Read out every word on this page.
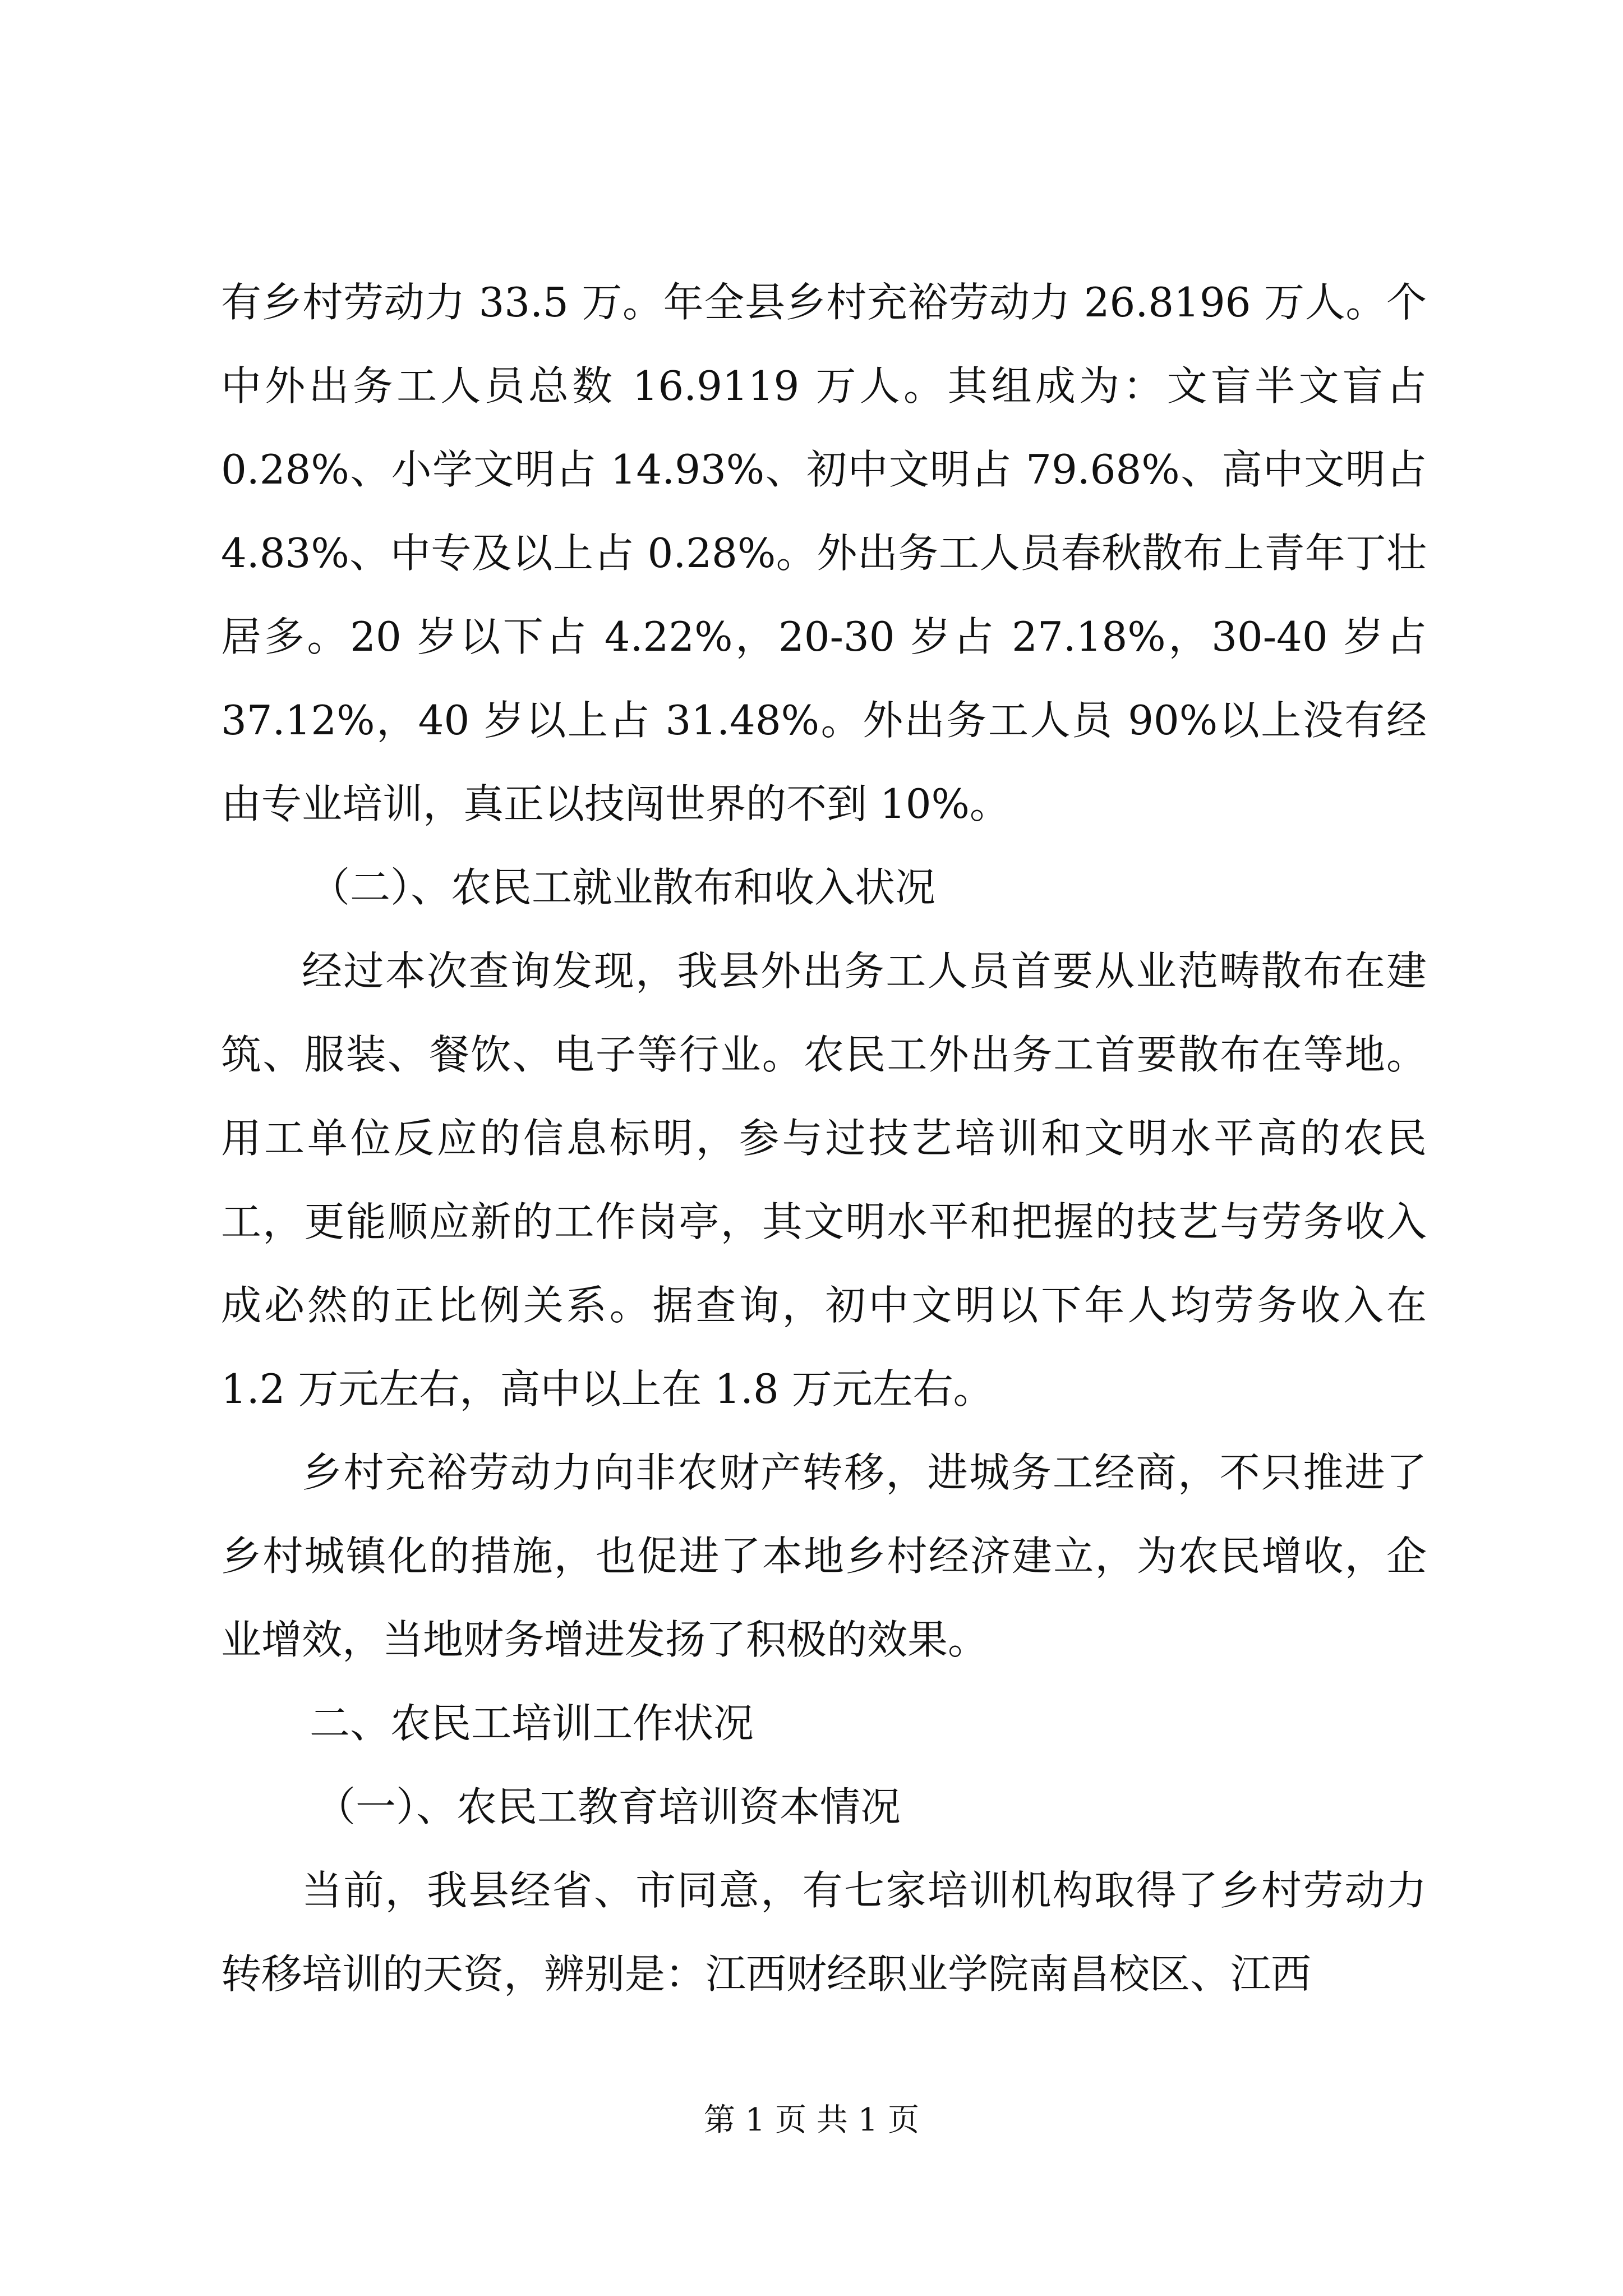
有乡村劳动力 33.5 万。年全县乡村充裕劳动力 26.8196 万人。个中外出务工人员总数 16.9119 万人。其组成为：文盲半文盲占 0.28%、小学文明占 14.93%、初中文明占 79.68%、高中文明占 4.83%、中专及以上占 0.28%。外出务工人员春秋散布上青年丁壮居多。20 岁以下占 4.22%，20-30 岁占 27.18%，30-40 岁占 37.12%，40 岁以上占 31.48%。外出务工人员 90%以上没有经由专业培训，真正以技闯世界的不到 10%。

（二）、农民工就业散布和收入状况

经过本次查询发现，我县外出务工人员首要从业范畴散布在建筑、服装、餐饮、电子等行业。农民工外出务工首要散布在等地。用工单位反应的信息标明，参与过技艺培训和文明水平高的农民工，更能顺应新的工作岗亭，其文明水平和把握的技艺与劳务收入成必然的正比例关系。据查询，初中文明以下年人均劳务收入在 1.2 万元左右，高中以上在 1.8 万元左右。

乡村充裕劳动力向非农财产转移，进城务工经商，不只推进了乡村城镇化的措施，也促进了本地乡村经济建立，为农民增收，企业增效，当地财务增进发扬了积极的效果。

二、农民工培训工作状况

（一）、农民工教育培训资本情况

当前，我县经省、市同意，有七家培训机构取得了乡村劳动力转移培训的天资，辨别是：江西财经职业学院南昌校区、江西

第 1 页 共 1 页
